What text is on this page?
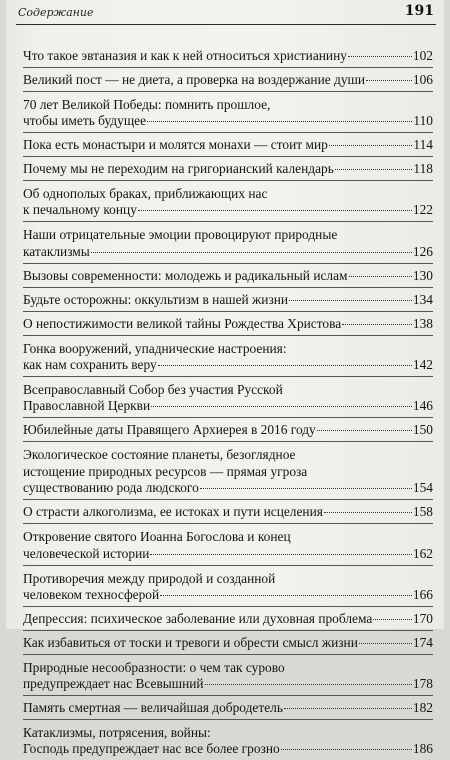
Содержание	191
Что такое эвтаназия и как к ней относиться христианину	102
Великий пост — не диета, а проверка на воздержание души	106
70 лет Великой Победы: помнить прошлое,
чтобы иметь будущее	110
Пока есть монастыри и молятся монахи — стоит мир	114
Почему мы не переходим на григорианский календарь	118
Об однополых браках, приближающих нас
к печальному концу	122
Наши отрицательные эмоции провоцируют природные
катаклизмы	126
Вызовы современности: молодежь и радикальный ислам	130
Будьте осторожны: оккультизм в нашей жизни	134
О непостижимости великой тайны Рождества Христова	138
Гонка вооружений, упаднические настроения:
как нам сохранить веру	142
Всеправославный Собор без участия Русской
Православной Церкви	146
Юбилейные даты Правящего Архиерея в 2016 году	150
Экологическое состояние планеты, безоглядное
истощение природных ресурсов — прямая угроза
существованию рода людского	154
О страсти алкоголизма, ее истоках и пути исцеления	158
Откровение святого Иоанна Богослова и конец
человеческой истории	162
Противоречия между природой и созданной
человеком техносферой	166
Депрессия: психическое заболевание или духовная проблема	170
Как избавиться от тоски и тревоги и обрести смысл жизни	174
Природные несообразности: о чем так сурово
предупреждает нас Всевышний	178
Память смертная — величайшая добродетель	182
Катаклизмы, потрясения, войны:
Господь предупреждает нас все более грозно	186
